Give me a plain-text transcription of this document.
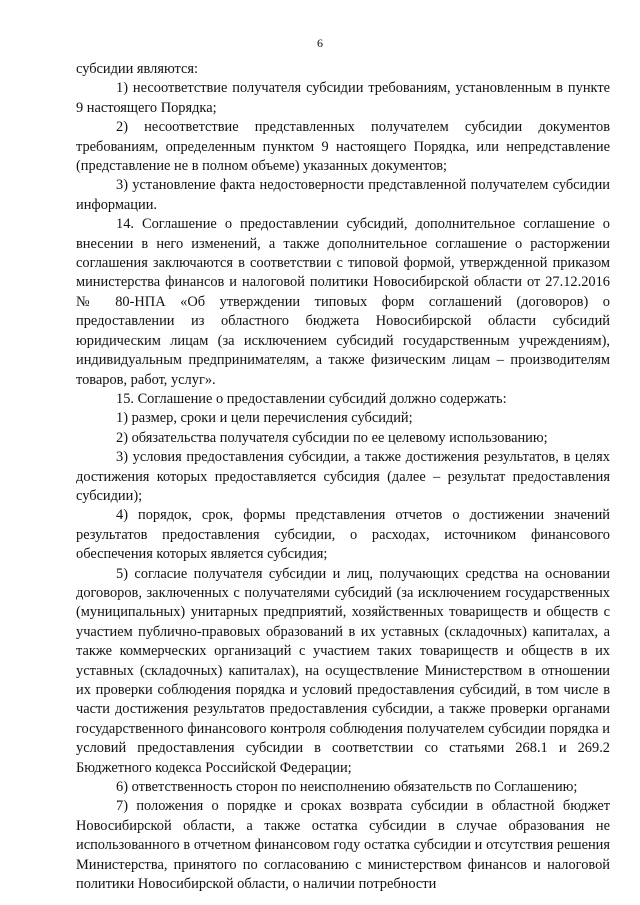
6

субсидии являются:

1) несоответствие получателя субсидии требованиям, установленным в пункте 9 настоящего Порядка;

2) несоответствие представленных получателем субсидии документов требованиям, определенным пунктом 9 настоящего Порядка, или непредставление (представление не в полном объеме) указанных документов;

3) установление факта недостоверности представленной получателем субсидии информации.

14. Соглашение о предоставлении субсидий, дополнительное соглашение о внесении в него изменений, а также дополнительное соглашение о расторжении соглашения заключаются в соответствии с типовой формой, утвержденной приказом министерства финансов и налоговой политики Новосибирской области от 27.12.2016 № 80-НПА «Об утверждении типовых форм соглашений (договоров) о предоставлении из областного бюджета Новосибирской области субсидий юридическим лицам (за исключением субсидий государственным учреждениям), индивидуальным предпринимателям, а также физическим лицам – производителям товаров, работ, услуг».

15. Соглашение о предоставлении субсидий должно содержать:

1) размер, сроки и цели перечисления субсидий;

2) обязательства получателя субсидии по ее целевому использованию;

3) условия предоставления субсидии, а также достижения результатов, в целях достижения которых предоставляется субсидия (далее – результат предоставления субсидии);

4) порядок, срок, формы представления отчетов о достижении значений результатов предоставления субсидии, о расходах, источником финансового обеспечения которых является субсидия;

5) согласие получателя субсидии и лиц, получающих средства на основании договоров, заключенных с получателями субсидий (за исключением государственных (муниципальных) унитарных предприятий, хозяйственных товариществ и обществ с участием публично-правовых образований в их уставных (складочных) капиталах, а также коммерческих организаций с участием таких товариществ и обществ в их уставных (складочных) капиталах), на осуществление Министерством в отношении их проверки соблюдения порядка и условий предоставления субсидий, в том числе в части достижения результатов предоставления субсидии, а также проверки органами государственного финансового контроля соблюдения получателем субсидии порядка и условий предоставления субсидии в соответствии со статьями 268.1 и 269.2 Бюджетного кодекса Российской Федерации;

6) ответственность сторон по неисполнению обязательств по Соглашению;

7) положения о порядке и сроках возврата субсидии в областной бюджет Новосибирской области, а также остатка субсидии в случае образования не использованного в отчетном финансовом году остатка субсидии и отсутствия решения Министерства, принятого по согласованию с министерством финансов и налоговой политики Новосибирской области, о наличии потребности
